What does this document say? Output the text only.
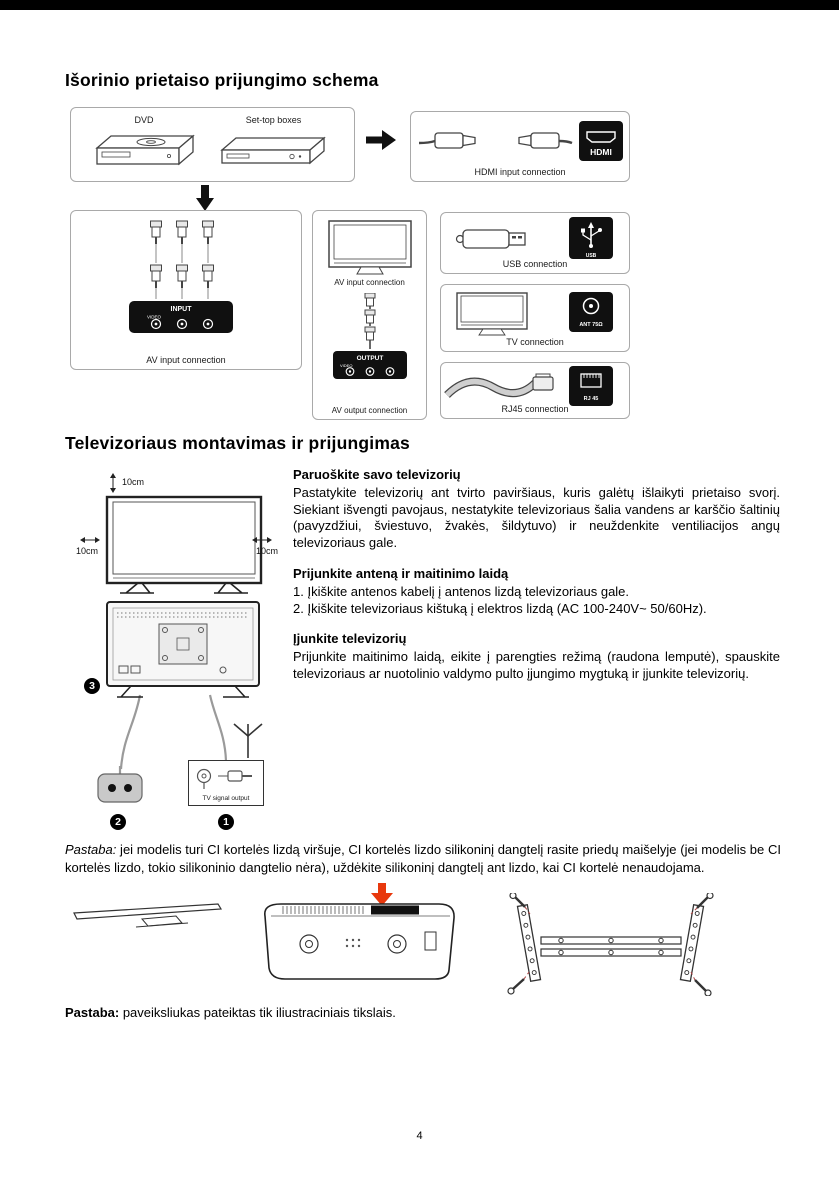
Išorinio prietaiso prijungimo schema
DVD	Set-top boxes
HDMI
HDMI input connection
INPUT
VIDEO
AV input connection
AV input connection
OUTPUT
VIDEO
AV output connection
USB
USB connection
ANT 75Ω
TV connection
RJ 45
RJ45 connection
Televizoriaus montavimas ir prijungimas
10cm
10cm	10cm
3
2
TV signal output
1
Paruoškite savo televizorių
Pastatykite televizorių ant tvirto paviršiaus, kuris galėtų išlaikyti prietaiso svorį. Siekiant išvengti pavojaus, nestatykite televizoriaus šalia vandens ar karščio šaltinių (pavyzdžiui, šviestuvo, žvakės, šildytuvo) ir neuždenkite ventiliacijos angų televizoriaus gale.
Prijunkite anteną ir maitinimo laidą
1. Įkiškite antenos kabelį į antenos lizdą televizoriaus gale.
2. Įkiškite televizoriaus kištuką į elektros lizdą (AC 100-240V~ 50/60Hz).
Įjunkite televizorių
Prijunkite maitinimo laidą, eikite į parengties režimą (raudona lemputė), spauskite televizoriaus ar nuotolinio valdymo pulto įjungimo mygtuką ir įjunkite televizorių.
Pastaba: jei modelis turi CI kortelės lizdą viršuje, CI kortelės lizdo silikoninį dangtelį rasite priedų maišelyje (jei modelis be CI kortelės lizdo, tokio silikoninio dangtelio nėra), uždėkite silikoninį dangtelį ant lizdo, kai CI kortelė nenaudojama.
Pastaba: paveiksliukas pateiktas tik iliustraciniais tikslais.
4
